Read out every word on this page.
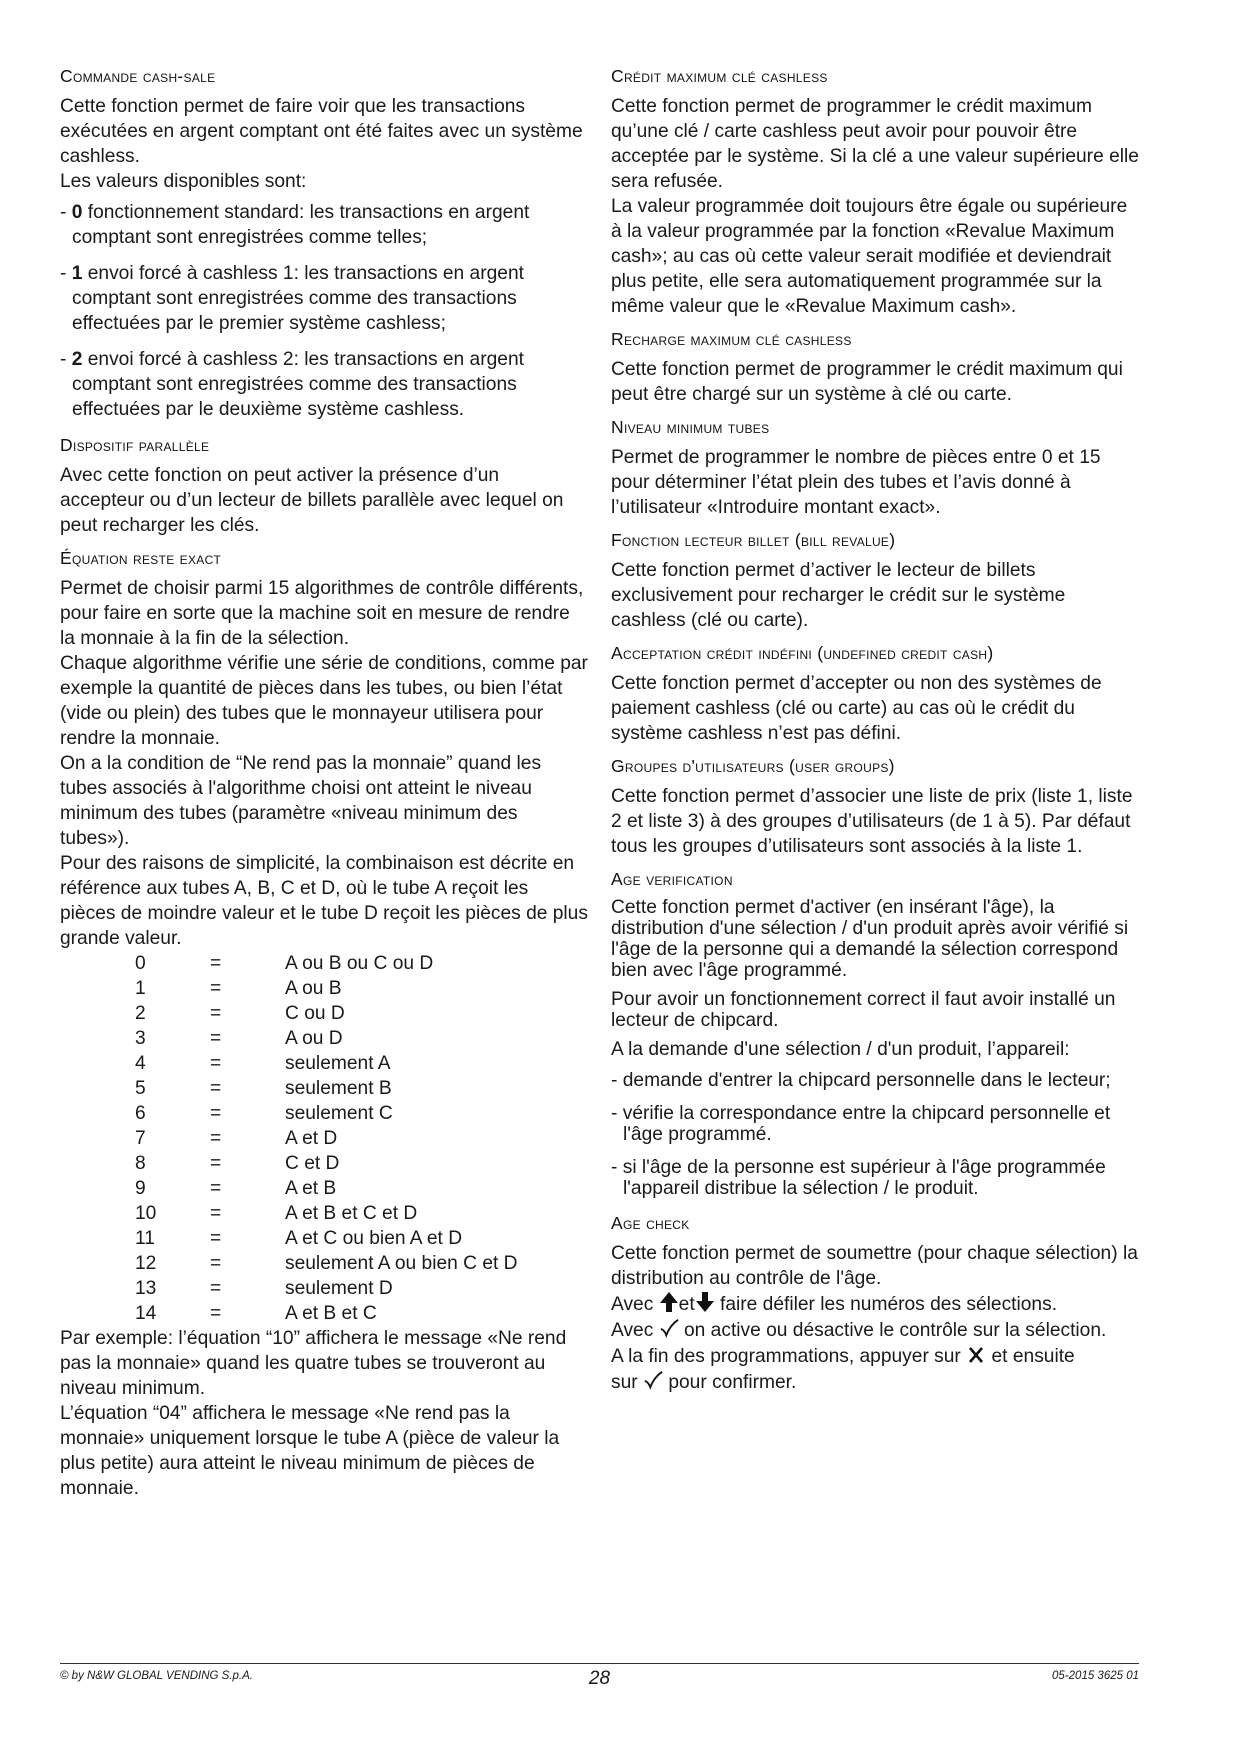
Commande cash-sale

Cette fonction permet de faire voir que les transactions exécutées en argent comptant ont été faites avec un système cashless.

Les valeurs disponibles sont:

- 0 fonctionnement standard: les transactions en argent comptant sont enregistrées comme telles;
- 1 envoi forcé à cashless 1: les transactions en argent comptant sont enregistrées comme des transactions effectuées par le premier système cashless;
- 2 envoi forcé à cashless 2: les transactions en argent comptant sont enregistrées comme des transactions effectuées par le deuxième système cashless.
Dispositif parallèle

Avec cette fonction on peut activer la présence d’un accepteur ou d’un lecteur de billets parallèle avec lequel on peut recharger les clés.

Équation reste exact

Permet de choisir parmi 15 algorithmes de contrôle différents, pour faire en sorte que la machine soit en mesure de rendre la monnaie à la fin de la sélection.

Chaque algorithme vérifie une série de conditions, comme par exemple la quantité de pièces dans les tubes, ou bien l’état (vide ou plein) des tubes que le monnayeur utilisera pour rendre la monnaie.

On a la condition de “Ne rend pas la monnaie” quand les tubes associés à l'algorithme choisi ont atteint le niveau minimum des tubes (paramètre «niveau minimum des tubes»).

Pour des raisons de simplicité, la combinaison est décrite en référence aux tubes A, B, C et D, où le tube A reçoit les pièces de moindre valeur et le tube D reçoit les pièces de plus grande valeur.

0	=	A ou B ou C ou D
1	=	A ou B
2	=	C ou D
3	=	A ou D
4	=	seulement A
5	=	seulement B
6	=	seulement C
7	=	A et D
8	=	C et D
9	=	A et B
10	=	A et B et C et D
11	=	A et C ou bien A et D
12	=	seulement A ou bien C et D
13	=	seulement D
14	=	A et B et C

Par exemple: l’équation “10” affichera le message «Ne rend pas la monnaie» quand les quatre tubes se trouveront au niveau minimum.

L’équation “04” affichera le message «Ne rend pas la monnaie» uniquement lorsque le tube A (pièce de valeur la plus petite) aura atteint le niveau minimum de pièces de monnaie.

Crédit maximum clé cashless

Cette fonction permet de programmer le crédit maximum qu’une clé / carte cashless peut avoir pour pouvoir être acceptée par le système. Si la clé a une valeur supérieure elle sera refusée.

La valeur programmée doit toujours être égale ou supérieure à la valeur programmée par la fonction «Revalue Maximum cash»; au cas où cette valeur serait modifiée et deviendrait plus petite, elle sera automatiquement programmée sur la même valeur que le «Revalue Maximum cash».

Recharge maximum clé cashless

Cette fonction permet de programmer le crédit maximum qui peut être chargé sur un système à clé ou carte.

Niveau minimum tubes

Permet de programmer le nombre de pièces entre 0 et 15 pour déterminer l’état plein des tubes et l’avis donné à l’utilisateur «Introduire montant exact».

Fonction lecteur billet (bill revalue)

Cette fonction permet d’activer le lecteur de billets exclusivement pour recharger le crédit sur le système cashless (clé ou carte).

Acceptation crédit indéfini (undefined credit cash)

Cette fonction permet d’accepter ou non des systèmes de paiement cashless (clé ou carte) au cas où le crédit du système cashless n’est pas défini.

Groupes d'utilisateurs (user groups)

Cette fonction permet d’associer une liste de prix (liste 1, liste 2 et liste 3) à des groupes d’utilisateurs (de 1 à 5). Par défaut tous les groupes d’utilisateurs sont associés à la liste 1.

Age verification

Cette fonction permet d'activer (en insérant l'âge), la distribution d'une sélection / d'un produit après avoir vérifié si l'âge de la personne qui a demandé la sélection correspond bien avec l'âge programmé.

Pour avoir un fonctionnement correct il faut avoir installé un lecteur de chipcard.

A la demande d'une sélection / d'un produit, l’appareil:

- demande d'entrer la chipcard personnelle dans le lecteur;
- vérifie la correspondance entre la chipcard personnelle et l'âge programmé.
- si l'âge de la personne est supérieur à l'âge programmée l'appareil distribue la sélection / le produit.
Age check

Cette fonction permet de soumettre (pour chaque sélection) la distribution au contrôle de l'âge.

Avec et faire défiler les numéros des sélections.

Avec on active ou désactive le contrôle sur la sélection.

A la fin des programmations, appuyer sur et ensuite
sur pour confirmer.

© by N&W GLOBAL VENDING S.p.A.	28	05-2015 3625 01
